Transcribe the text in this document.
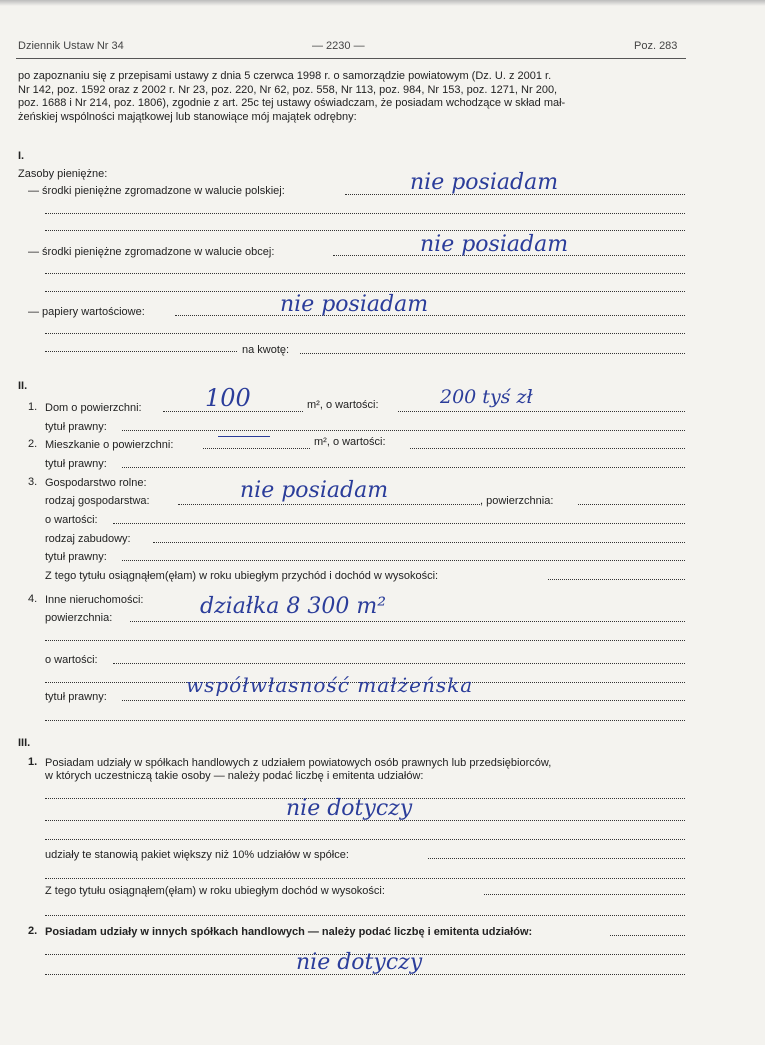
Dziennik Ustaw Nr 34	— 2230 —	Poz. 283
po zapoznaniu się z przepisami ustawy z dnia 5 czerwca 1998 r. o samorządzie powiatowym (Dz. U. z 2001 r.
Nr 142, poz. 1592 oraz z 2002 r. Nr 23, poz. 220, Nr 62, poz. 558, Nr 113, poz. 984, Nr 153, poz. 1271, Nr 200,
poz. 1688 i Nr 214, poz. 1806), zgodnie z art. 25c tej ustawy oświadczam, że posiadam wchodzące w skład mał-
żeńskiej wspólności majątkowej lub stanowiące mój majątek odrębny:
I.
Zasoby pieniężne:
— środki pieniężne zgromadzone w walucie polskiej:	nie posiadam
— środki pieniężne zgromadzone w walucie obcej:	nie posiadam
— papiery wartościowe:	nie posiadam
na kwotę:
II.
1. Dom o powierzchni:	100	m², o wartości:	200 tyś zł
tytuł prawny:
2. Mieszkanie o powierzchni:	m², o wartości:
tytuł prawny:
3. Gospodarstwo rolne:
rodzaj gospodarstwa:	nie posiadam	, powierzchnia:
o wartości:
rodzaj zabudowy:
tytuł prawny:
Z tego tytułu osiągnąłem(ęłam) w roku ubiegłym przychód i dochód w wysokości:
4. Inne nieruchomości:
powierzchnia:	działka 8 300 m²
o wartości:
tytuł prawny:	współwłasność małżeńska
III.
1. Posiadam udziały w spółkach handlowych z udziałem powiatowych osób prawnych lub przedsiębiorców,
w których uczestniczą takie osoby — należy podać liczbę i emitenta udziałów:
nie dotyczy
udziały te stanowią pakiet większy niż 10% udziałów w spółce:
Z tego tytułu osiągnąłem(ęłam) w roku ubiegłym dochód w wysokości:
2. Posiadam udziały w innych spółkach handlowych — należy podać liczbę i emitenta udziałów:
nie dotyczy
